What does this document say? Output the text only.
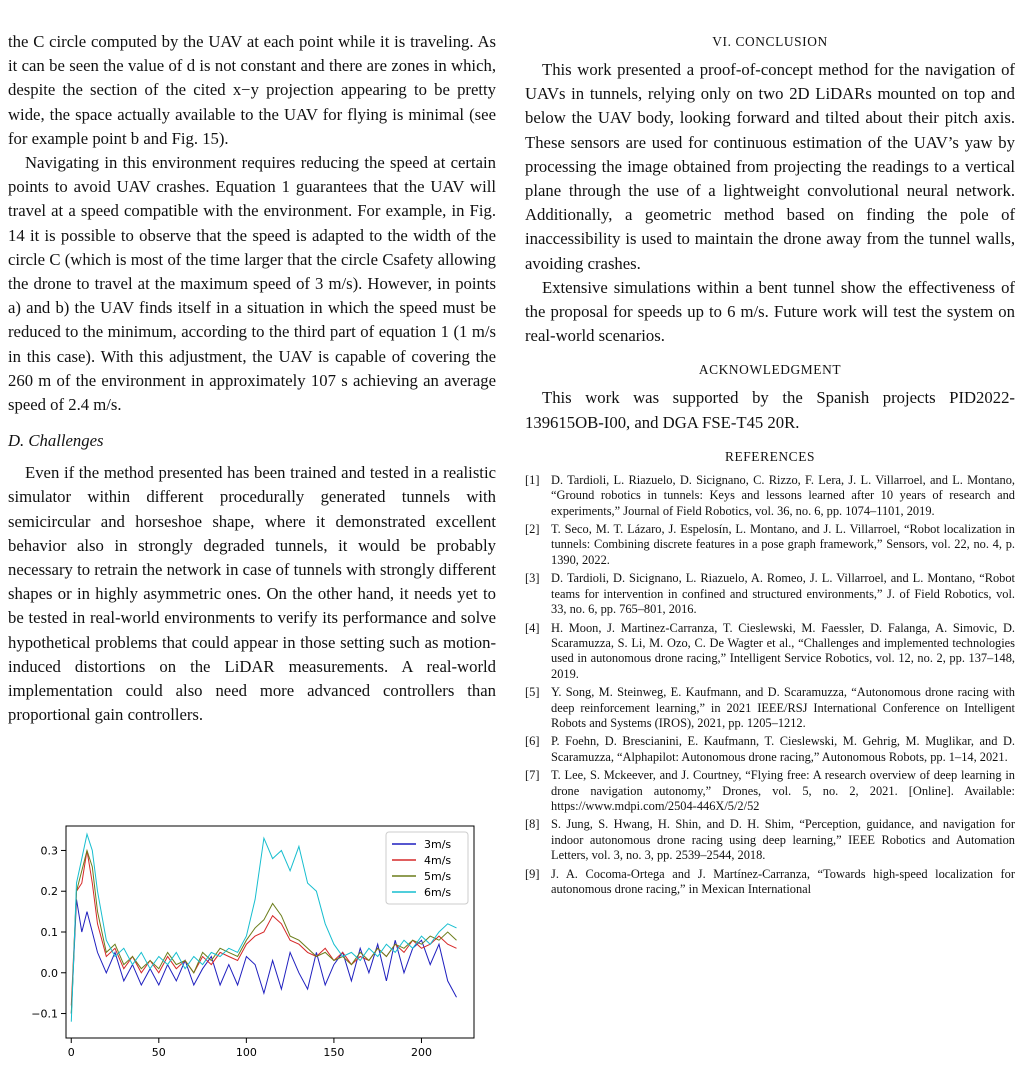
the C circle computed by the UAV at each point while it is traveling. As it can be seen the value of d is not constant and there are zones in which, despite the section of the cited x−y projection appearing to be pretty wide, the space actually available to the UAV for flying is minimal (see for example point b and Fig. 15).

Navigating in this environment requires reducing the speed at certain points to avoid UAV crashes. Equation 1 guarantees that the UAV will travel at a speed compatible with the environment. For example, in Fig. 14 it is possible to observe that the speed is adapted to the width of the circle C (which is most of the time larger that the circle Csafety allowing the drone to travel at the maximum speed of 3 m/s). However, in points a) and b) the UAV finds itself in a situation in which the speed must be reduced to the minimum, according to the third part of equation 1 (1 m/s in this case). With this adjustment, the UAV is capable of covering the 260 m of the environment in approximately 107 s achieving an average speed of 2.4 m/s.

D. Challenges

Even if the method presented has been trained and tested in a realistic simulator within different procedurally generated tunnels with semicircular and horseshoe shape, where it demonstrated excellent behavior also in strongly degraded tunnels, it would be probably necessary to retrain the network in case of tunnels with strongly different shapes or in highly asymmetric ones. On the other hand, it needs yet to be tested in real-world environments to verify its performance and solve hypothetical problems that could appear in those setting such as motion-induced distortions on the LiDAR measurements. A real-world implementation could also need more advanced controllers than proportional gain controllers.

VI. CONCLUSION

This work presented a proof-of-concept method for the navigation of UAVs in tunnels, relying only on two 2D LiDARs mounted on top and below the UAV body, looking forward and tilted about their pitch axis. These sensors are used for continuous estimation of the UAV’s yaw by processing the image obtained from projecting the readings to a vertical plane through the use of a lightweight convolutional neural network. Additionally, a geometric method based on finding the pole of inaccessibility is used to maintain the drone away from the tunnel walls, avoiding crashes.

Extensive simulations within a bent tunnel show the effectiveness of the proposal for speeds up to 6 m/s. Future work will test the system on real-world scenarios.

ACKNOWLEDGMENT

This work was supported by the Spanish projects PID2022-139615OB-I00, and DGA FSE-T45 20R.

REFERENCES

[1] D. Tardioli, L. Riazuelo, D. Sicignano, C. Rizzo, F. Lera, J. L. Villarroel, and L. Montano, “Ground robotics in tunnels: Keys and lessons learned after 10 years of research and experiments,” Journal of Field Robotics, vol. 36, no. 6, pp. 1074–1101, 2019.
[2] T. Seco, M. T. Lázaro, J. Espelosín, L. Montano, and J. L. Villarroel, “Robot localization in tunnels: Combining discrete features in a pose graph framework,” Sensors, vol. 22, no. 4, p. 1390, 2022.
[3] D. Tardioli, D. Sicignano, L. Riazuelo, A. Romeo, J. L. Villarroel, and L. Montano, “Robot teams for intervention in confined and structured environments,” J. of Field Robotics, vol. 33, no. 6, pp. 765–801, 2016.
[4] H. Moon, J. Martinez-Carranza, T. Cieslewski, M. Faessler, D. Falanga, A. Simovic, D. Scaramuzza, S. Li, M. Ozo, C. De Wagter et al., “Challenges and implemented technologies used in autonomous drone racing,” Intelligent Service Robotics, vol. 12, no. 2, pp. 137–148, 2019.
[5] Y. Song, M. Steinweg, E. Kaufmann, and D. Scaramuzza, “Autonomous drone racing with deep reinforcement learning,” in 2021 IEEE/RSJ International Conference on Intelligent Robots and Systems (IROS), 2021, pp. 1205–1212.
[6] P. Foehn, D. Brescianini, E. Kaufmann, T. Cieslewski, M. Gehrig, M. Muglikar, and D. Scaramuzza, “Alphapilot: Autonomous drone racing,” Autonomous Robots, pp. 1–14, 2021.
[7] T. Lee, S. Mckeever, and J. Courtney, “Flying free: A research overview of deep learning in drone navigation autonomy,” Drones, vol. 5, no. 2, 2021. [Online]. Available: https://www.mdpi.com/2504-446X/5/2/52
[8] S. Jung, S. Hwang, H. Shin, and D. H. Shim, “Perception, guidance, and navigation for indoor autonomous drone racing using deep learning,” IEEE Robotics and Automation Letters, vol. 3, no. 3, pp. 2539–2544, 2018.
[9] J. A. Cocoma-Ortega and J. Martínez-Carranza, “Towards high-speed localization for autonomous drone racing,” in Mexican International
0	50	100	150	200
−0.1
0.0
0.1
0.2
0.3	3m/s
4m/s
5m/s
6m/s
